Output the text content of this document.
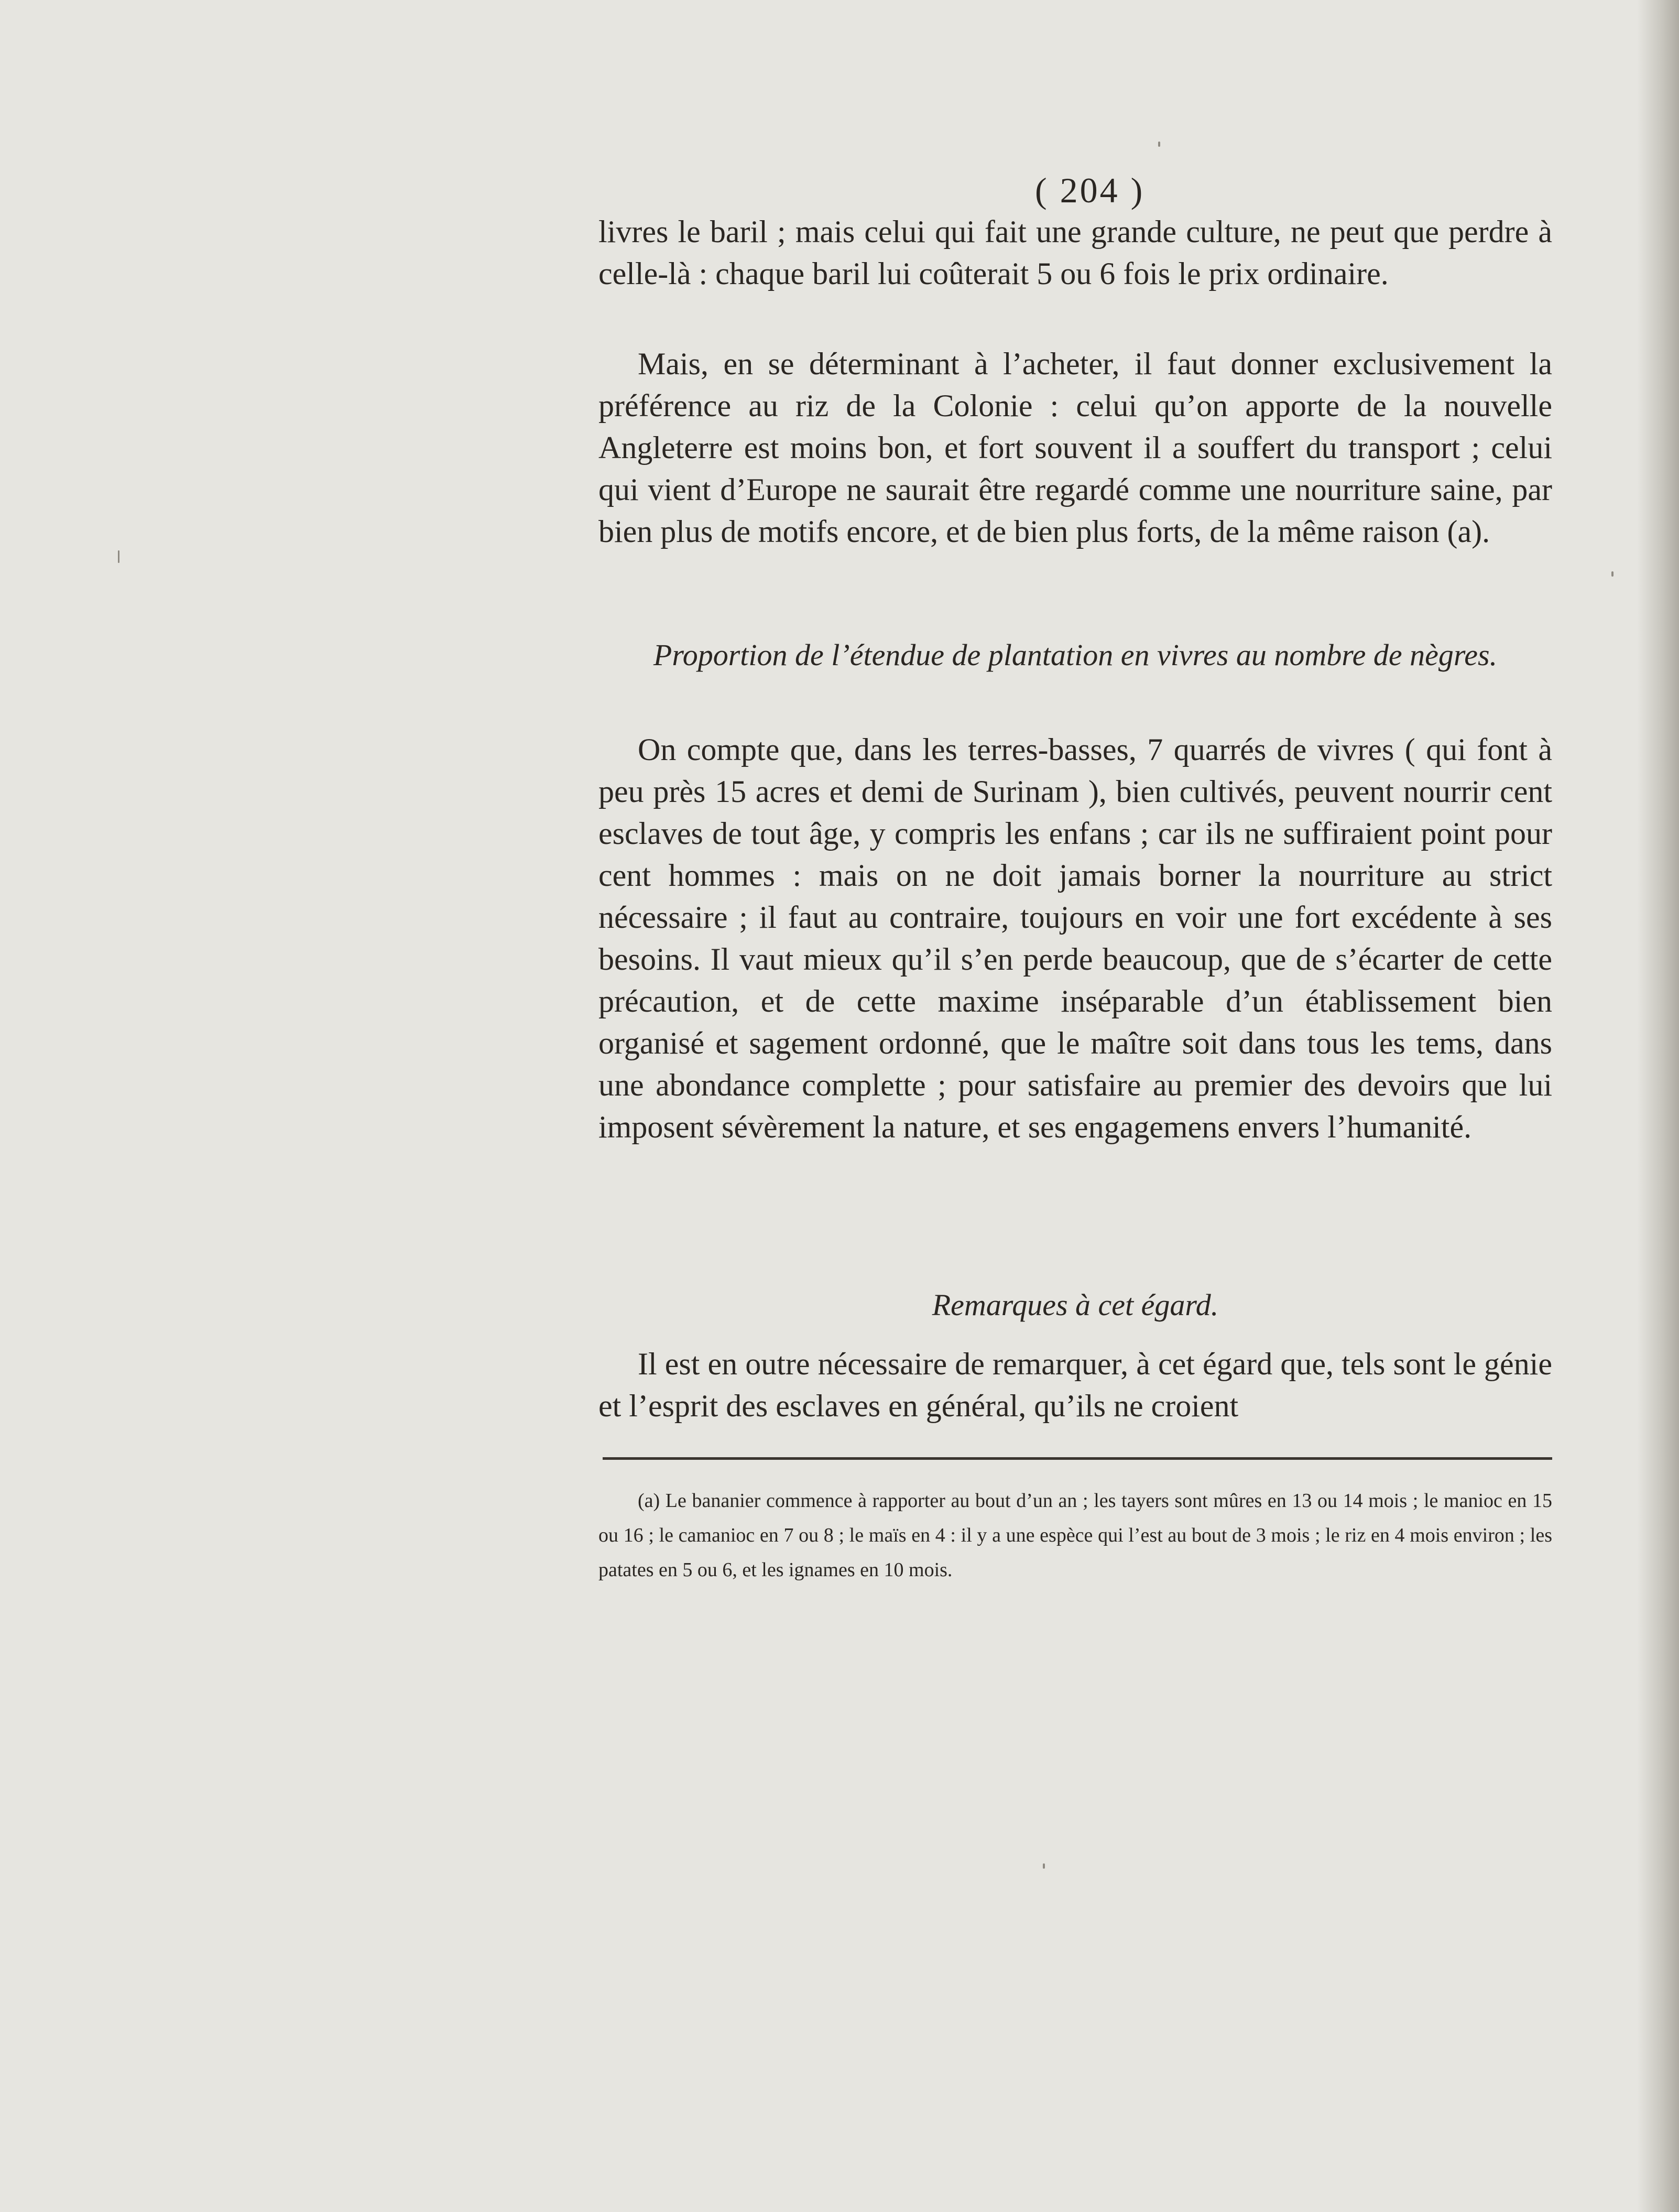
( 204 )

livres le baril ; mais celui qui fait une grande culture, ne peut que perdre à celle-là : chaque baril lui coûterait 5 ou 6 fois le prix ordinaire.

Mais, en se déterminant à l’acheter, il faut donner exclusivement la préférence au riz de la Colonie : celui qu’on apporte de la nouvelle Angleterre est moins bon, et fort souvent il a souffert du transport ; celui qui vient d’Europe ne saurait être regardé comme une nourriture saine, par bien plus de motifs encore, et de bien plus forts, de la même raison (a).

Proportion de l’étendue de plantation en vivres au nombre de nègres.

On compte que, dans les terres-basses, 7 quarrés de vivres ( qui font à peu près 15 acres et demi de Surinam ), bien cultivés, peuvent nourrir cent esclaves de tout âge, y compris les enfans ; car ils ne suffiraient point pour cent hommes : mais on ne doit jamais borner la nourriture au strict nécessaire ; il faut au contraire, toujours en voir une fort excédente à ses besoins. Il vaut mieux qu’il s’en perde beaucoup, que de s’écarter de cette précaution, et de cette maxime inséparable d’un établissement bien organisé et sagement ordonné, que le maître soit dans tous les tems, dans une abondance complette ; pour satisfaire au premier des devoirs que lui imposent sévèrement la nature, et ses engagemens envers l’humanité.

Remarques à cet égard.

Il est en outre nécessaire de remarquer, à cet égard que, tels sont le génie et l’esprit des esclaves en général, qu’ils ne croient

(a) Le bananier commence à rapporter au bout d’un an ; les tayers sont mûres en 13 ou 14 mois ; le manioc en 15 ou 16 ; le camanioc en 7 ou 8 ; le maïs en 4 : il y a une espèce qui l’est au bout de 3 mois ; le riz en 4 mois environ ; les patates en 5 ou 6, et les ignames en 10 mois.
